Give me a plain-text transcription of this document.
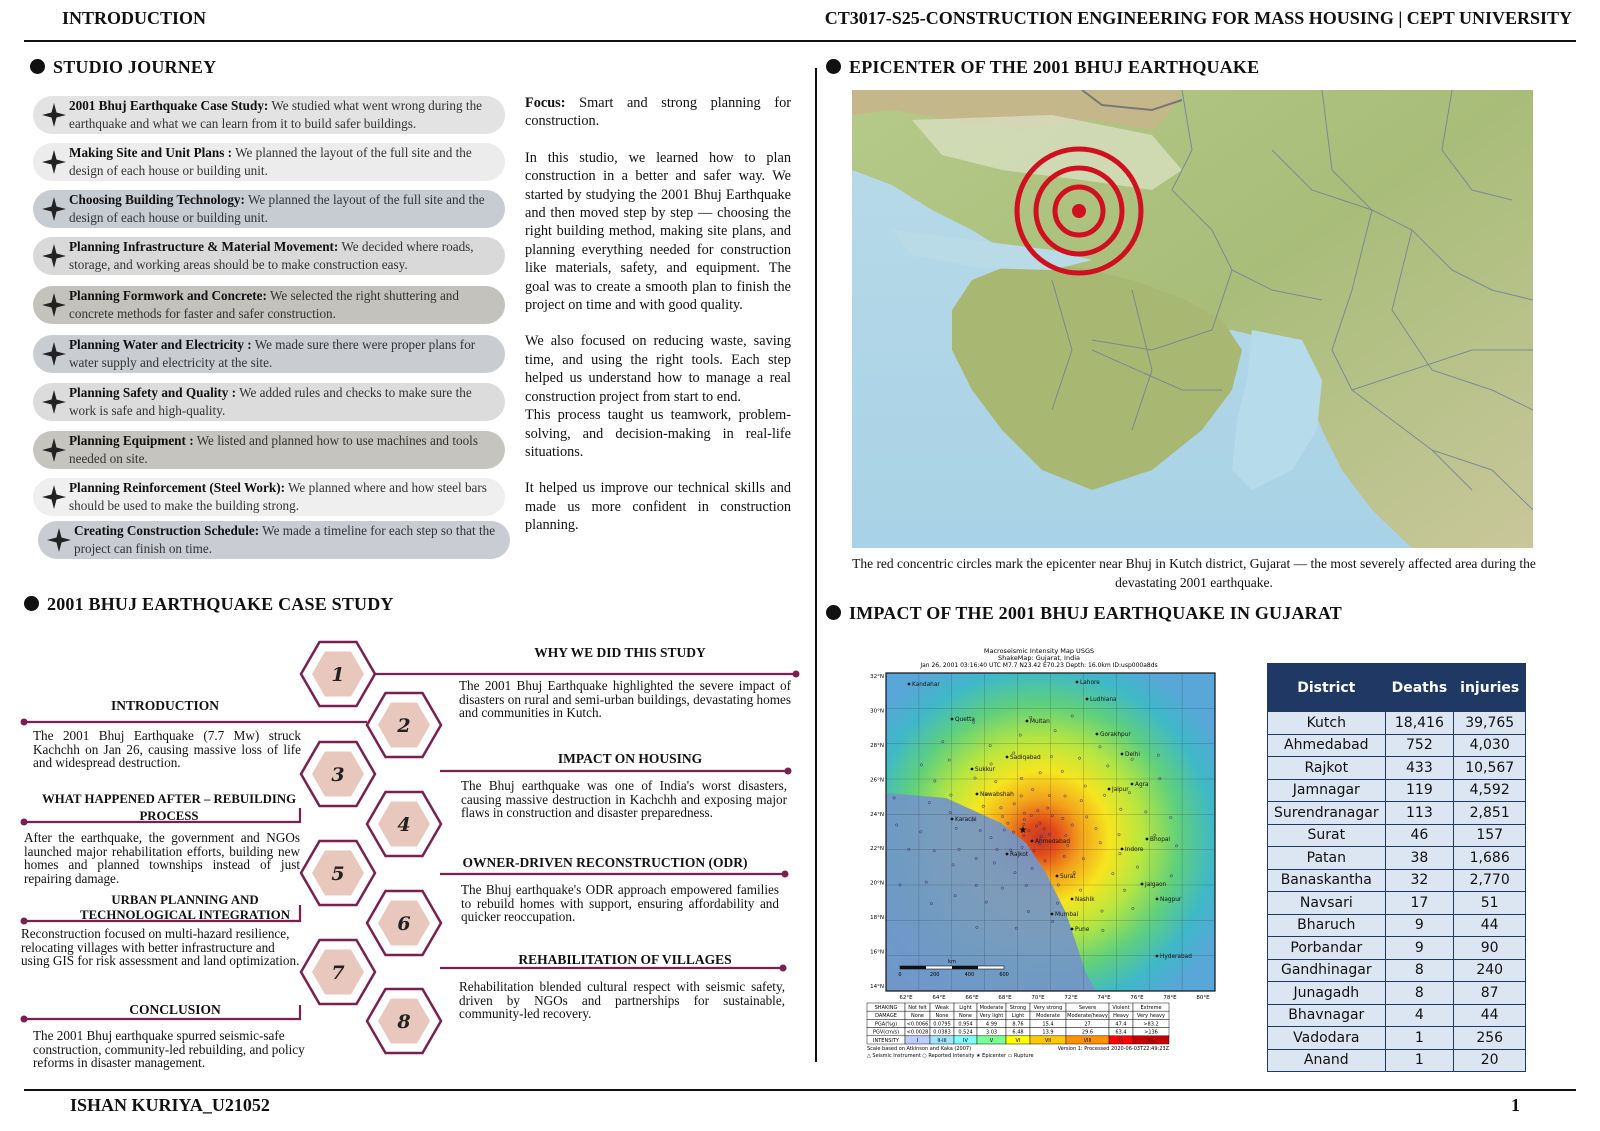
INTRODUCTION	CT3017-S25-CONSTRUCTION ENGINEERING FOR MASS HOUSING | CEPT UNIVERSITY
ISHAN KURIYA_U21052	1
STUDIO JOURNEY
2001 Bhuj Earthquake Case Study: We studied what went wrong during the earthquake and what we can learn from it to build safer buildings.
Making Site and Unit Plans : We planned the layout of the full site and the design of each house or building unit.
Choosing Building Technology: We planned the layout of the full site and the design of each house or building unit.
Planning Infrastructure & Material Movement: We decided where roads, storage, and working areas should be to make construction easy.
Planning Formwork and Concrete: We selected the right shuttering and concrete methods for faster and safer construction.
Planning Water and Electricity : We made sure there were proper plans for water supply and electricity at the site.
Planning Safety and Quality : We added rules and checks to make sure the work is safe and high-quality.
Planning Equipment : We listed and planned how to use machines and tools needed on site.
Planning Reinforcement (Steel Work): We planned where and how steel bars should be used to make the building strong.
Creating Construction Schedule: We made a timeline for each step so that the project can finish on time.

Focus: Smart and strong planning for construction.

In this studio, we learned how to plan construction in a better and safer way. We started by studying the 2001 Bhuj Earthquake and then moved step by step — choosing the right building method, making site plans, and planning everything needed for construction like materials, safety, and equipment. The goal was to create a smooth plan to finish the project on time and with good quality.

We also focused on reducing waste, saving time, and using the right tools. Each step helped us understand how to manage a real construction project from start to end.

This process taught us teamwork, problem-solving, and decision-making in real-life situations.

It helped us improve our technical skills and made us more confident in construction planning.

EPICENTER OF THE 2001 BHUJ EARTHQUAKE
The red concentric circles mark the epicenter near Bhuj in Kutch district, Gujarat — the most severely affected area during the devastating 2001 earthquake.
2001 BHUJ EARTHQUAKE CASE STUDY
1
2
3
4
5
6
7
8
INTRODUCTION
The 2001 Bhuj Earthquake (7.7 Mw) struck Kachchh on Jan 26, causing massive loss of life and widespread destruction.
WHAT HAPPENED AFTER – REBUILDING PROCESS
After the earthquake, the government and NGOs launched major rehabilitation efforts, building new homes and planned townships instead of just repairing damage.
URBAN PLANNING AND TECHNOLOGICAL INTEGRATION
Reconstruction focused on multi-hazard resilience, relocating villages with better infrastructure and using GIS for risk assessment and land optimization.
CONCLUSION
The 2001 Bhuj earthquake spurred seismic-safe construction, community-led rebuilding, and policy reforms in disaster management.
WHY WE DID THIS STUDY
The 2001 Bhuj Earthquake highlighted the severe impact of disasters on rural and semi-urban buildings, devastating homes and communities in Kutch.
IMPACT ON HOUSING
The Bhuj earthquake was one of India's worst disasters, causing massive destruction in Kachchh and exposing major flaws in construction and disaster preparedness.
OWNER-DRIVEN RECONSTRUCTION (ODR)
The Bhuj earthquake's ODR approach empowered families to rebuild homes with support, ensuring affordability and quicker reoccupation.
REHABILITATION OF VILLAGES
Rehabilitation blended cultural respect with seismic safety, driven by NGOs and partnerships for sustainable, community-led recovery.
IMPACT OF THE 2001 BHUJ EARTHQUAKE IN GUJARAT
Macroseismic Intensity Map USGS
ShakeMap: Gujarat, India
Jan 26, 2001 03:16:40 UTC M7.7 N23.42 E70.23 Depth: 16.0km ID:usp000a8ds
32°N
30°N
28°N
26°N
24°N
22°N
20°N
18°N
16°N
14°N
62°E	64°E	66°E	68°E	70°E	72°E	74°E	76°E	78°E	80°E
Kandahar	Lahore
Ludhiana
Quetta	Multan
Gorakhpur
Delhi
Sadiqabad
Sukkur
Jaipur
Agra
Nawabshah
Karachi
Ahmedabad	Bhopal
Indore
Rajkot
Surat
Jalgaon
Nashik	Nagpur
Mumbai
Pune
Hyderabad
★
km
0	200	400	600
SHAKING Not felt Weak Light Moderate Strong Very strong	Severe	Violent Extreme
DAMAGE	None None None Very light Light Moderate Moderate/heavy Heavy Very heavy
PGA(%g) <0.0066 0.0795 0.954	4.99	8.76	15.4	27	47.4	>83.2
PGV(cm/s) <0.0028 0.0383 0.524	3.03	6.48	13.9	29.6	63.4	>136
INTENSITY	I	II-III	IV	V	VI	VII	VIII	IX	X+
Scale based on Atkinson and Kaka (2007)	Version 1: Processed 2020-06-03T22:49:23Z
△ Seismic Instrument ○ Reported Intensity ★ Epicenter ▭ Rupture
District	Deaths	injuries
Kutch	18,416	39,765
Ahmedabad	752	4,030
Rajkot	433	10,567
Jamnagar	119	4,592
Surendranagar	113	2,851
Surat	46	157
Patan	38	1,686
Banaskantha	32	2,770
Navsari	17	51
Bharuch	9	44
Porbandar	9	90
Gandhinagar	8	240
Junagadh	8	87
Bhavnagar	4	44
Vadodara	1	256
Anand	1	20
